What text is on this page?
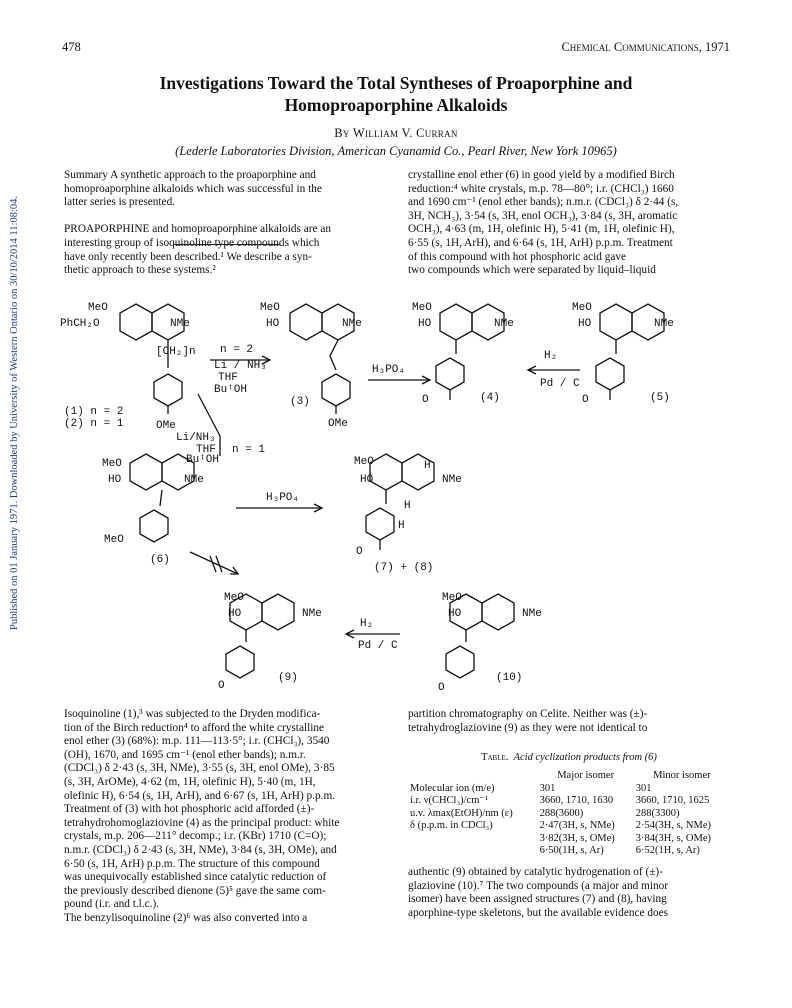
478	Chemical Communications, 1971
Published on 01 January 1971. Downloaded by University of Western Ontario on 30/10/2014 11:08:04.
Investigations Toward the Total Syntheses of Proaporphine and
Homoproaporphine Alkaloids
By William V. Curran
(Lederle Laboratories Division, American Cyanamid Co., Pearl River, New York 10965)
Summary A synthetic approach to the proaporphine and
homoproaporphine alkaloids which was successful in the
latter series is presented.
PROAPORPHINE and homoproaporphine alkaloids are an
interesting group of isoquinoline type compounds which
have only recently been described.¹ We describe a syn-
thetic approach to these systems.²
crystalline enol ether (6) in good yield by a modified Birch
reduction:⁴ white crystals, m.p. 78—80°; i.r. (CHCl₃) 1660
and 1690 cm⁻¹ (enol ether bands); n.m.r. (CDCl₃) δ 2·44 (s,
3H, NCH₃), 3·54 (s, 3H, enol OCH₃), 3·84 (s, 3H, aromatic
OCH₃), 4·63 (m, 1H, olefinic H), 5·41 (m, 1H, olefinic H),
6·55 (s, 1H, ArH), and 6·64 (s, 1H, ArH) p.p.m. Treatment
of this compound with hot phosphoric acid gave
two compounds which were separated by liquid–liquid
MeO
PhCH₂O	NMe
[CH₂]n n = 2
Li / NH₃
THF
BuᵗOH
OMe
(1) n = 2
(2) n = 1
MeO
HO	NMe
(3)
OMe
H₃PO₄
MeO
HO	NMe
O	(4)
H₂
Pd / C
MeO
HO	NMe
O	(5)
Li/NH₃
THF
BuᵗOH
n = 1
MeO
HO	NMe
MeO
(6)
H₃PO₄
MeO
HO	NMe
H
H
H
O
(7) + (8)
MeO
HO	NMe
O
(9)
H₂
Pd / C
MeO
HO	NMe
O
(10)
Isoquinoline (1),³ was subjected to the Dryden modifica-
tion of the Birch reduction⁴ to afford the white crystalline
enol ether (3) (68%): m.p. 111—113·5°; i.r. (CHCl₃), 3540
(OH), 1670, and 1695 cm⁻¹ (enol ether bands); n.m.r.
(CDCl₃) δ 2·43 (s, 3H, NMe), 3·55 (s, 3H, enol OMe), 3·85
(s, 3H, ArOMe), 4·62 (m, 1H, olefinic H), 5·40 (m, 1H,
olefinic H), 6·54 (s, 1H, ArH), and 6·67 (s, 1H, ArH) p.p.m.
Treatment of (3) with hot phosphoric acid afforded (±)-
tetrahydrohomoglaziovine (4) as the principal product: white
crystals, m.p. 206—211° decomp.; i.r. (KBr) 1710 (C=O);
n.m.r. (CDCl₃) δ 2·43 (s, 3H, NMe), 3·84 (s, 3H, OMe), and
6·50 (s, 1H, ArH) p.p.m. The structure of this compound
was unequivocally established since catalytic reduction of
the previously described dienone (5)⁵ gave the same com-
pound (i.r. and t.l.c.).
The benzylisoquinoline (2)⁶ was also converted into a
partition chromatography on Celite. Neither was (±)-
tetrahydroglaziovine (9) as they were not identical to
Table. Acid cyclization products from (6)
	Major isomer	Minor isomer
Molecular ion (m/e)	301	301
i.r. ν(CHCl₃)/cm⁻¹	3660, 1710, 1630	3660, 1710, 1625
u.v. λmax(EtOH)/nm (ε)	288(3600)	288(3300)
δ (p.p.m. in CDCl₃)	2·47(3H, s, NMe)	2·54(3H, s, NMe)
	3·82(3H, s, OMe)	3·84(3H, s, OMe)
	6·50(1H, s, Ar)	6·52(1H, s, Ar)
authentic (9) obtained by catalytic hydrogenation of (±)-
glaziovine (10).⁷ The two compounds (a major and minor
isomer) have been assigned structures (7) and (8), having
aporphine-type skeletons, but the available evidence does
